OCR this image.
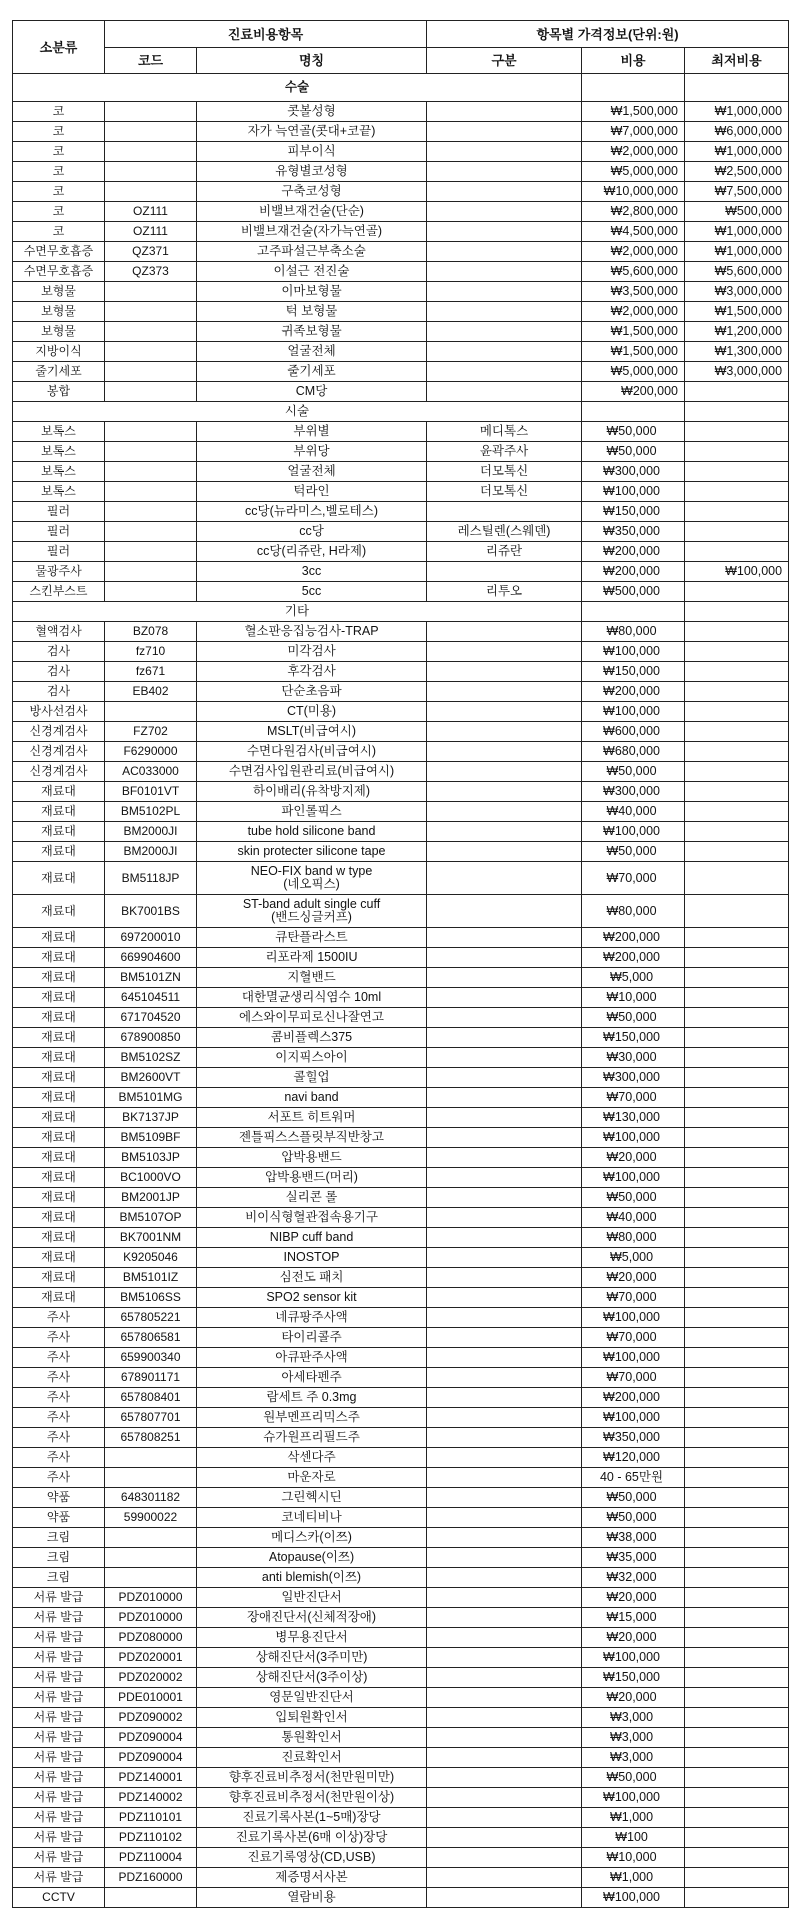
소분류	진료비용항목		항목별 가격정보(단위:원)		
	코드	명칭	구분	비용	최저비용
수술					
코		콧볼성형		₩1,500,000	₩1,000,000
코		자가 늑연골(콧대+코끝)		₩7,000,000	₩6,000,000
코		피부이식		₩2,000,000	₩1,000,000
코		유형별코성형		₩5,000,000	₩2,500,000
코		구축코성형		₩10,000,000	₩7,500,000
코	OZ111	비밸브재건술(단순)		₩2,800,000	₩500,000
코	OZ111	비밸브재건술(자가늑연골)		₩4,500,000	₩1,000,000
수면무호흡증	QZ371	고주파설근부축소술		₩2,000,000	₩1,000,000
수면무호흡증	QZ373	이설근 전진술		₩5,600,000	₩5,600,000
보형물		이마보형물		₩3,500,000	₩3,000,000
보형물		턱 보형물		₩2,000,000	₩1,500,000
보형물		귀족보형물		₩1,500,000	₩1,200,000
지방이식		얼굴전체		₩1,500,000	₩1,300,000
줄기세포		줄기세포		₩5,000,000	₩3,000,000
봉합		CM당		₩200,000	
시술					
보톡스		부위별	메디톡스	₩50,000	
보톡스		부위당	윤곽주사	₩50,000	
보톡스		얼굴전체	더모톡신	₩300,000	
보톡스		턱라인	더모톡신	₩100,000	
필러		cc당(뉴라미스,벨로테스)		₩150,000	
필러		cc당	레스틸렌(스웨덴)	₩350,000	
필러		cc당(리쥬란, H라제)	리쥬란	₩200,000	
물광주사		3cc		₩200,000	₩100,000
스킨부스트		5cc	리투오	₩500,000	
기타					
혈액검사	BZ078	혈소판응집능검사-TRAP		₩80,000	
검사	fz710	미각검사		₩100,000	
검사	fz671	후각검사		₩150,000	
검사	EB402	단순초음파		₩200,000	
방사선검사		CT(미용)		₩100,000	
신경계검사	FZ702	MSLT(비급여시)		₩600,000	
신경계검사	F6290000	수면다원검사(비급여시)		₩680,000	
신경계검사	AC033000	수면검사입원관리료(비급여시)		₩50,000	
재료대	BF0101VT	하이배리(유착방지제)		₩300,000	
재료대	BM5102PL	파인롤픽스		₩40,000	
재료대	BM2000JI	tube hold silicone band		₩100,000	
재료대	BM2000JI	skin protecter silicone tape		₩50,000	
재료대	BM5118JP	NEO-FIX band w type
(네오픽스)		₩70,000	
재료대	BK7001BS	ST-band adult single cuff
(밴드싱글커프)		₩80,000	
재료대	697200010	큐탄플라스트		₩200,000	
재료대	669904600	리포라제 1500IU		₩200,000	
재료대	BM5101ZN	지혈밴드		₩5,000	
재료대	645104511	대한멸균생리식염수 10ml		₩10,000	
재료대	671704520	에스와이무피로신나잘연고		₩50,000	
재료대	678900850	콤비플렉스375		₩150,000	
재료대	BM5102SZ	이지픽스아이		₩30,000	
재료대	BM2600VT	콜힐업		₩300,000	
재료대	BM5101MG	navi band		₩70,000	
재료대	BK7137JP	서포트 히트워머		₩130,000	
재료대	BM5109BF	젠틀픽스스플릿부직반창고		₩100,000	
재료대	BM5103JP	압박용밴드		₩20,000	
재료대	BC1000VO	압박용밴드(머리)		₩100,000	
재료대	BM2001JP	실리콘 롤		₩50,000	
재료대	BM5107OP	비이식형혈관접속용기구		₩40,000	
재료대	BK7001NM	NIBP cuff band		₩80,000	
재료대	K9205046	INOSTOP		₩5,000	
재료대	BM5101IZ	심전도 패치		₩20,000	
재료대	BM5106SS	SPO2 sensor kit		₩70,000	
주사	657805221	네큐팡주사액		₩100,000	
주사	657806581	타이리콜주		₩70,000	
주사	659900340	아큐판주사액		₩100,000	
주사	678901171	아세타펜주		₩70,000	
주사	657808401	람세트 주 0.3mg		₩200,000	
주사	657807701	원부멘프리믹스주		₩100,000	
주사	657808251	슈가원프리필드주		₩350,000	
주사		삭센다주		₩120,000	
주사		마운자로		40 - 65만원	
약품	648301182	그린헥시딘		₩50,000	
약품	59900022	코네티비나		₩50,000	
크림		메디스카(이쯔)		₩38,000	
크림		Atopause(이쯔)		₩35,000	
크림		anti blemish(이쯔)		₩32,000	
서류 발급	PDZ010000	일반진단서		₩20,000	
서류 발급	PDZ010000	장애진단서(신체적장애)		₩15,000	
서류 발급	PDZ080000	병무용진단서		₩20,000	
서류 발급	PDZ020001	상해진단서(3주미만)		₩100,000	
서류 발급	PDZ020002	상해진단서(3주이상)		₩150,000	
서류 발급	PDE010001	영문일반진단서		₩20,000	
서류 발급	PDZ090002	입퇴원확인서		₩3,000	
서류 발급	PDZ090004	통원확인서		₩3,000	
서류 발급	PDZ090004	진료확인서		₩3,000	
서류 발급	PDZ140001	향후진료비추정서(천만원미만)		₩50,000	
서류 발급	PDZ140002	향후진료비추정서(천만원이상)		₩100,000	
서류 발급	PDZ110101	진료기록사본(1~5매)장당		₩1,000	
서류 발급	PDZ110102	진료기록사본(6매 이상)장당		₩100	
서류 발급	PDZ110004	진료기록영상(CD,USB)		₩10,000	
서류 발급	PDZ160000	제증명서사본		₩1,000	
CCTV		열람비용		₩100,000	
